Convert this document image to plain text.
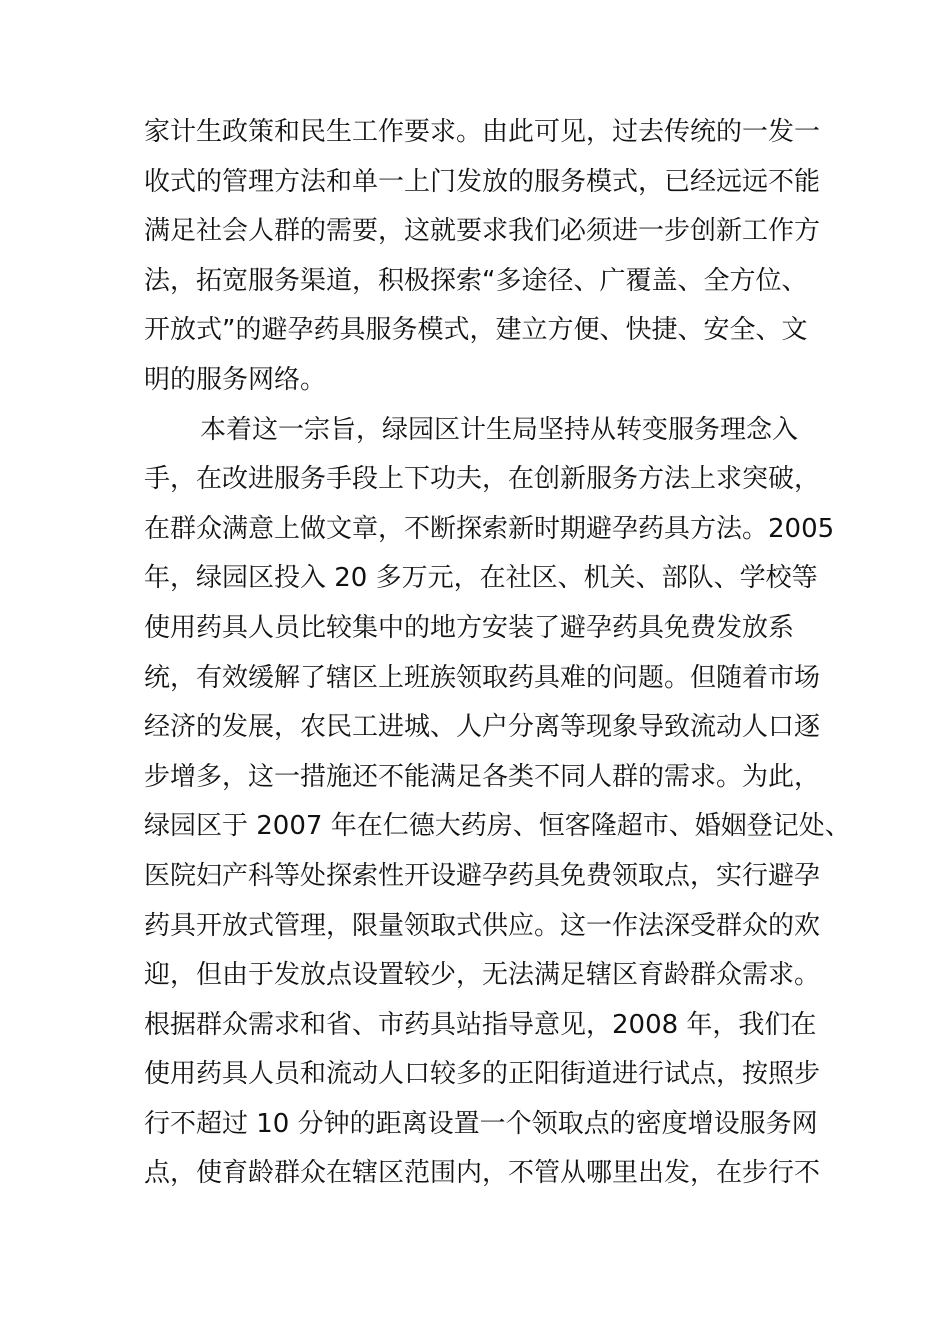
家计生政策和民生工作要求。由此可见，过去传统的一发一
收式的管理方法和单一上门发放的服务模式，已经远远不能
满足社会人群的需要，这就要求我们必须进一步创新工作方
法，拓宽服务渠道，积极探索“多途径、广覆盖、全方位、
开放式”的避孕药具服务模式，建立方便、快捷、安全、文
明的服务网络。
本着这一宗旨，绿园区计生局坚持从转变服务理念入
手，在改进服务手段上下功夫，在创新服务方法上求突破，
在群众满意上做文章，不断探索新时期避孕药具方法。2005
年，绿园区投入 20 多万元，在社区、机关、部队、学校等
使用药具人员比较集中的地方安装了避孕药具免费发放系
统，有效缓解了辖区上班族领取药具难的问题。但随着市场
经济的发展，农民工进城、人户分离等现象导致流动人口逐
步增多，这一措施还不能满足各类不同人群的需求。为此，
绿园区于 2007 年在仁德大药房、恒客隆超市、婚姻登记处、
医院妇产科等处探索性开设避孕药具免费领取点，实行避孕
药具开放式管理，限量领取式供应。这一作法深受群众的欢
迎，但由于发放点设置较少，无法满足辖区育龄群众需求。
根据群众需求和省、市药具站指导意见，2008 年，我们在
使用药具人员和流动人口较多的正阳街道进行试点，按照步
行不超过 10 分钟的距离设置一个领取点的密度增设服务网
点，使育龄群众在辖区范围内，不管从哪里出发，在步行不
